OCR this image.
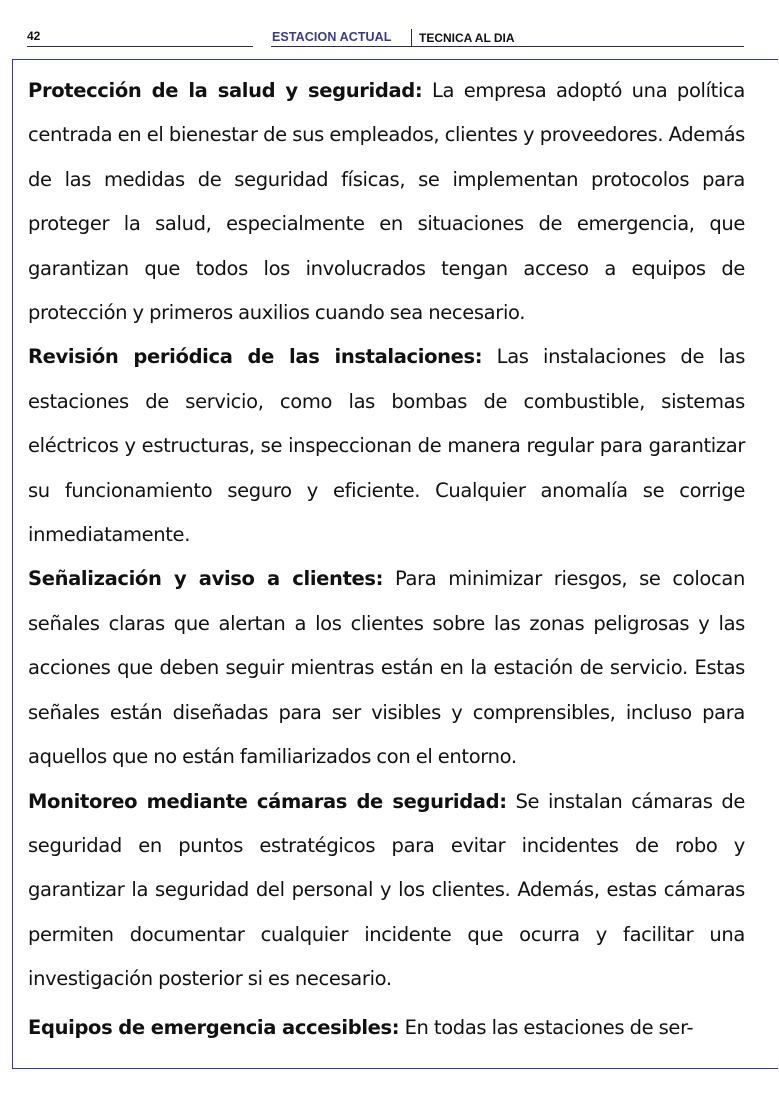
42	ESTACION ACTUAL TECNICA AL DIA

Protección de la salud y seguridad: La empresa adoptó una política centrada en el bienestar de sus empleados, clientes y proveedores. Además de las medidas de seguridad físicas, se implementan protocolos para proteger la salud, especialmente en situaciones de emergencia, que garantizan que todos los involucrados tengan acceso a equipos de protección y primeros auxilios cuando sea necesario.

Revisión periódica de las instalaciones: Las instalaciones de las estaciones de servicio, como las bombas de combustible, sistemas eléctricos y estructuras, se inspeccionan de manera regular para garantizar su funcionamiento seguro y eficiente. Cualquier anomalía se corrige inmediatamente.

Señalización y aviso a clientes: Para minimizar riesgos, se colocan señales claras que alertan a los clientes sobre las zonas peligrosas y las acciones que deben seguir mientras están en la estación de servicio. Estas señales están diseñadas para ser visibles y comprensibles, incluso para aquellos que no están familiarizados con el entorno.

Monitoreo mediante cámaras de seguridad: Se instalan cámaras de seguridad en puntos estratégicos para evitar incidentes de robo y garantizar la seguridad del personal y los clientes. Además, estas cámaras permiten documentar cualquier incidente que ocurra y facilitar una investigación posterior si es necesario.

Equipos de emergencia accesibles: En todas las estaciones de ser-
